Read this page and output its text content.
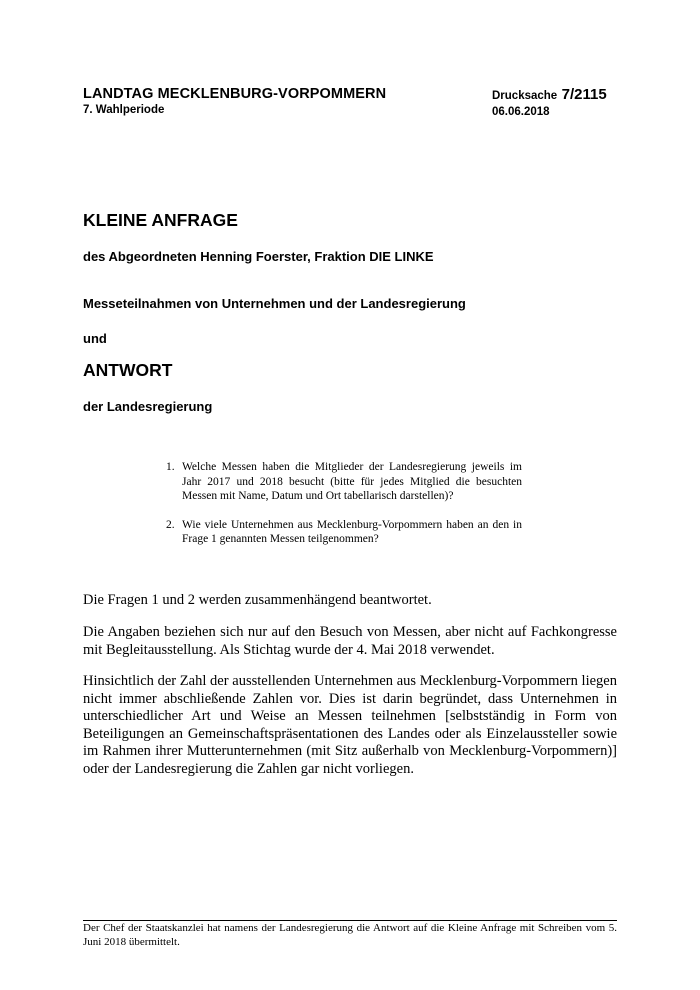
LANDTAG MECKLENBURG-VORPOMMERN
7. Wahlperiode
Drucksache 7/2115
06.06.2018
KLEINE ANFRAGE
des Abgeordneten Henning Foerster, Fraktion DIE LINKE
Messeteilnahmen von Unternehmen und der Landesregierung
und
ANTWORT
der Landesregierung
1. Welche Messen haben die Mitglieder der Landesregierung jeweils im Jahr 2017 und 2018 besucht (bitte für jedes Mitglied die besuchten Messen mit Name, Datum und Ort tabellarisch darstellen)?
2. Wie viele Unternehmen aus Mecklenburg-Vorpommern haben an den in Frage 1 genannten Messen teilgenommen?
Die Fragen 1 und 2 werden zusammenhängend beantwortet.
Die Angaben beziehen sich nur auf den Besuch von Messen, aber nicht auf Fachkongresse mit Begleitausstellung. Als Stichtag wurde der 4. Mai 2018 verwendet.
Hinsichtlich der Zahl der ausstellenden Unternehmen aus Mecklenburg-Vorpommern liegen nicht immer abschließende Zahlen vor. Dies ist darin begründet, dass Unternehmen in unterschiedlicher Art und Weise an Messen teilnehmen [selbstständig in Form von Beteiligungen an Gemeinschaftspräsentationen des Landes oder als Einzelaussteller sowie im Rahmen ihrer Mutterunternehmen (mit Sitz außerhalb von Mecklenburg-Vorpommern)] oder der Landesregierung die Zahlen gar nicht vorliegen.
Der Chef der Staatskanzlei hat namens der Landesregierung die Antwort auf die Kleine Anfrage mit Schreiben vom 5. Juni 2018 übermittelt.
